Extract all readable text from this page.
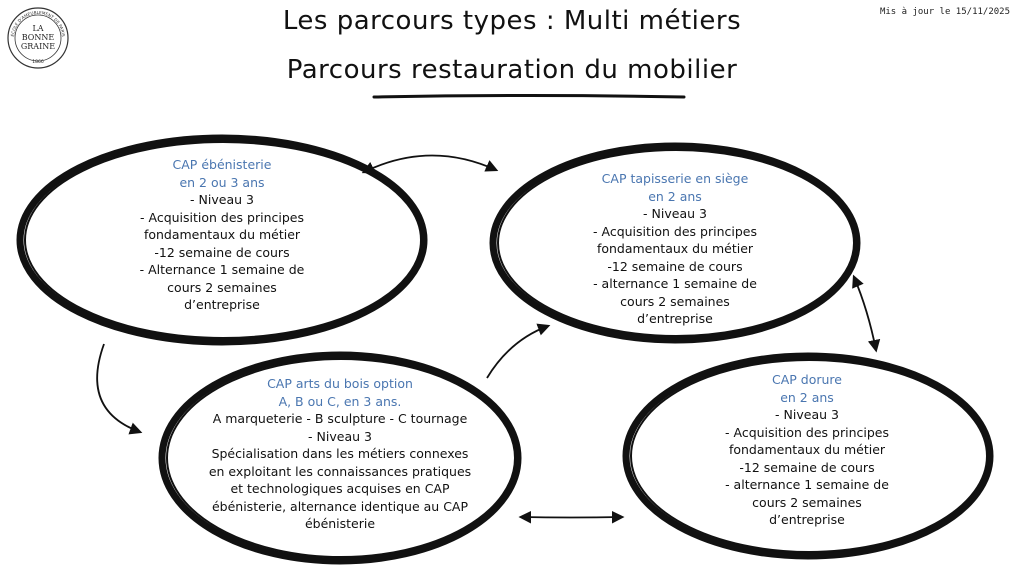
ÉCOLE D'AMEUBLEMENT DE PARIS
LA
BONNE
GRAINE
1866
Mis à jour le 15/11/2025
Les parcours types : Multi métiers
Parcours restauration du mobilier
CAP ébénisterie
en 2 ou 3 ans
- Niveau 3
- Acquisition des principes
fondamentaux du métier
-12 semaine de cours
- Alternance 1 semaine de
cours 2 semaines
d’entreprise
CAP tapisserie en siège
en 2 ans
- Niveau 3
- Acquisition des principes
fondamentaux du métier
-12 semaine de cours
- alternance 1 semaine de
cours 2 semaines
d’entreprise
CAP arts du bois option
A, B ou C, en 3 ans.
A marqueterie - B sculpture - C tournage
- Niveau 3
Spécialisation dans les métiers connexes
en exploitant les connaissances pratiques
et technologiques acquises en CAP
ébénisterie, alternance identique au CAP
ébénisterie
CAP dorure
en 2 ans
- Niveau 3
- Acquisition des principes
fondamentaux du métier
-12 semaine de cours
- alternance 1 semaine de
cours 2 semaines
d’entreprise
